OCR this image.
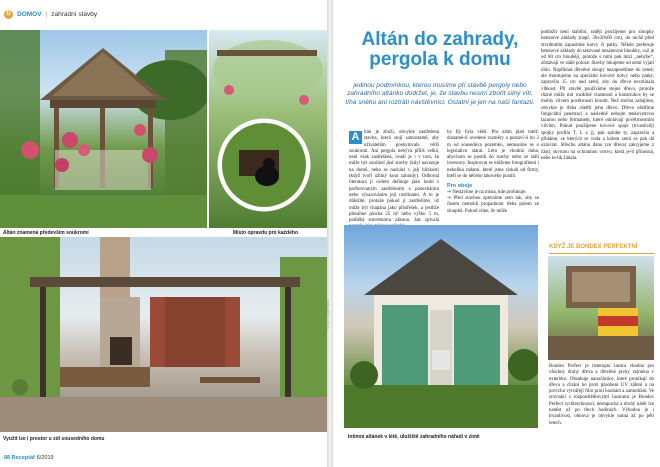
D DOMOV | zahradní stavby
Altán znamená především soukromí	Místo opravdu pro každého
Využít lze i prostor u zdi sousedního domu
88 Receptář 6/2019
FOTO: Shutterstock
Altán do zahrady, pergola k domu
jedinou podmínkou, kterou musíme při stavbě pergoly nebo zahradního altánku dodržet, je, že stavbu nesmí zbořit silný vítr, tíha sněhu ani rozträtí návštěvníci. Ostatní je jen na naší fantazii.
A ltán je zboží, obvykle zastřešená stavba, která stojí samostatně, aby uživatelům poskytovala větší soukromí. Ani pergola nebývá příliš velká, není však zastřešená, roudí je i v tom, že může být součástí jiné stavby (kdyl navazuje na domů, nebo se nachází v její blízkosti (když tvoří užitný kout zahrady). Odborná literatura jí ovšem definuje jako loubí s perforovaným zastřešením a ponecháním nebo výsazováním její rostlinami. A to je důležité, protože pokud jí zastřešíme, už může být chápána jako přístřešek, a jestliže přesáhne plocha 25 m² nebo výšku 5 m, podléhá stavebnímu zákonu. Jak zpívalá
by fly byla větší. Pro altán platí totéž: dostatně-li uvedené rozměry a postaví-li ho 2 m od sousedova pozemku, nemusíme se o legislativu starat. Léto je vhodná doba, abychom se pustili do stavby nebo ze stáli investory. Inspirovat se můžeme fotografiemi i nekolika radami, které jsme získali od firmy, kteří se do něčeho takového pustili.
Pro oboje
➔ Nestavíme je na místa, kde profukuje.
➔ Před stavbou zpevníme zem tak, aby se časem nemohli propadnout třeba polem ze sloupků. Pokud víme, že může
podložit není stabilní, raději použijeme pro sloupky betonové základy (např. 30x30x60 cm), do nichž před ztvrdnutím zapustíme kotvy či patky. Někdo preferuje betonové základy do takzvané nezámrzné hloubky, což je od 80 cm hloubějí, protože s nimi pak mízí „nehýbe“, zůstávají ve stálé poloze. Stavby lokujeme od zemí vyjatí úhlu. Například dřevěné sloupy nezapouštíme do země; ale montujeme na speciální kovové kotvy nebo patky, zapravila 15 cm nad zemí, aby do dřeva nevzlínala vlhkost. Při stavbě používáme stejné dřevo, protože různé může mít rozdílné vlastnosti a konstrukce by se mohly vlivem povětrnosti kroutit. Než stavbu zahájíme, obvykle je třeba ošetřit jeho dřevo. Dřevo ošetříme fungicidní penetrací a následně nebojte tenkovrstvou lazurou nebo fermanem, které odolávají povětrnostním vlivům. Pokud použijeme kovové spoje (trvanlivějí spojky profilu T, L a j), pak spiráte ty, zapravila a přidáme, ze kterých se voda a kolem zemí se pak dá uzávirat. Střechu altánu dánu (ze dřeva) zakryjeme z části, skvrnou na ochrannou vrstvu, která je-li přínosná, nebo to-lik žádala.
Intimní altánek v létě, úložiště zahradního nářadí v zimě
KDYŽ JE BONDEX PERFEKTNÍ
Bondex Perfect je tisteropní lazura vhodná pro všechny druhy dřeva a dřevěné prvky zejména v exteriéru. Obsahuje nanočástice, které pronikají do dřeva a chrání ho proti působení UV záření a na povrchu vytvářejí film proti houbám a zamodrání. Ve srovnání s rozpouštědlovými lazurami je Bondex Perfect rychleschnoucí, nestapuchá a druhý nátěr lze nanést už po třech hodinách. Výhodou je i trvanlivost, obnova je obvykle nutná až po pěti letech.
